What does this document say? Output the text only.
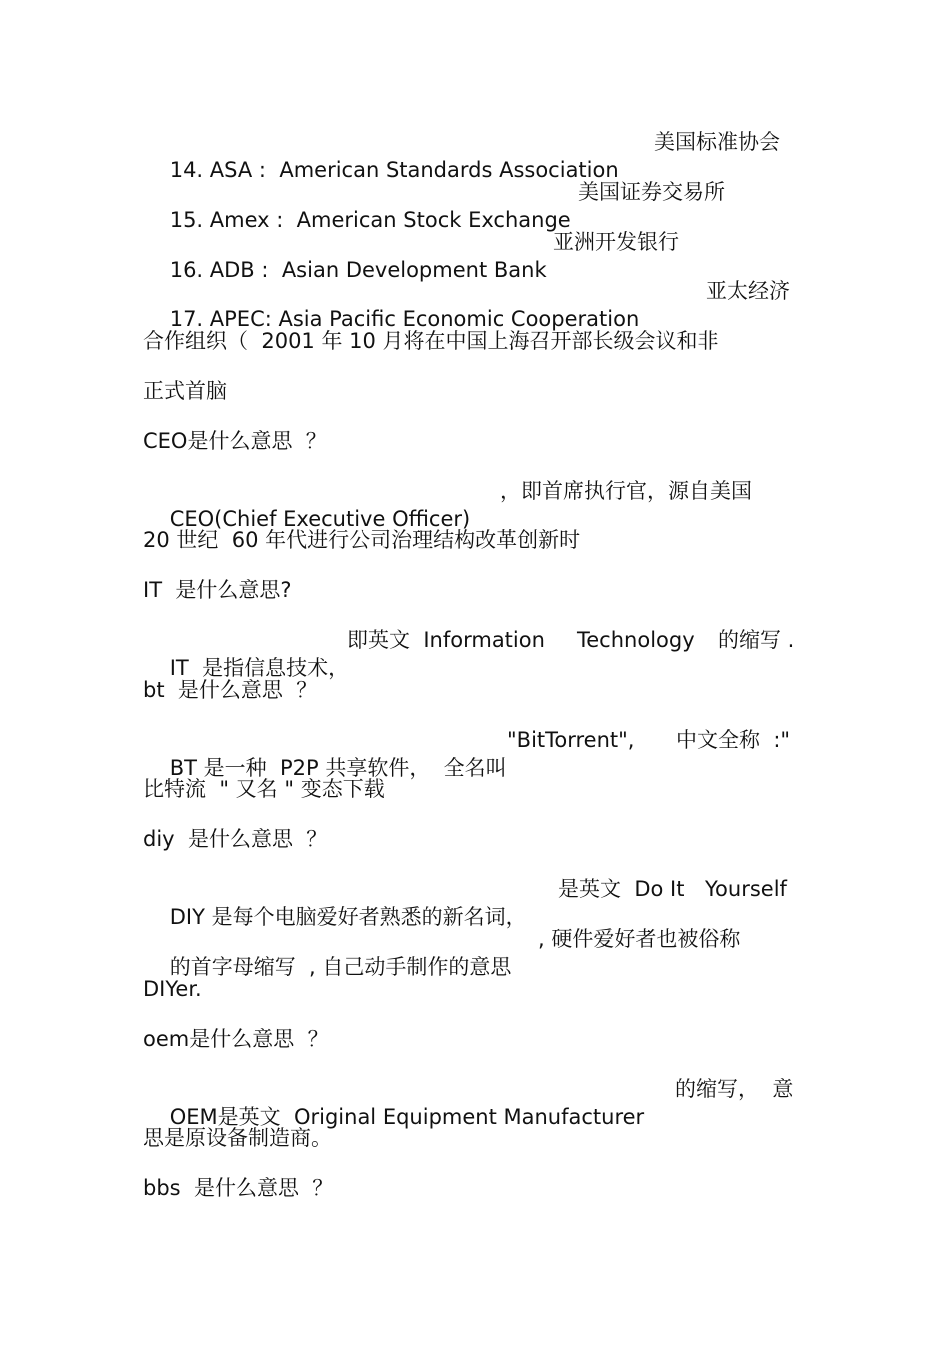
14. ASA :  American Standards Association

美国标准协会

15. Amex :  American Stock Exchange

美国证券交易所

16. ADB :  Asian Development Bank

亚洲开发银行

17. APEC: Asia Pacific Economic Cooperation

亚太经济
合作组织（  2001 年 10 月将在中国上海召开部长级会议和非
正式首脑
CEO是什么意思  ？

CEO(Chief Executive Officer)

，即首席执行官，源自美国
20 世纪  60 年代进行公司治理结构改革创新时
IT  是什么意思?

IT  是指信息技术，

即英文  Information Technology 的缩写 .
bt  是什么意思  ？

BT 是一种  P2P 共享软件，  全名叫

"BitTorrent", 中文全称  :"
比特流  " 又名 " 变态下载
diy  是什么意思  ？

DIY 是每个电脑爱好者熟悉的新名词，

是英文  Do It Yourself

的首字母缩写  , 自己动手制作的意思

, 硬件爱好者也被俗称
DIYer.
oem是什么意思  ？

OEM是英文  Original Equipment Manufacturer

的缩写，  意
思是原设备制造商。
bbs  是什么意思  ？
